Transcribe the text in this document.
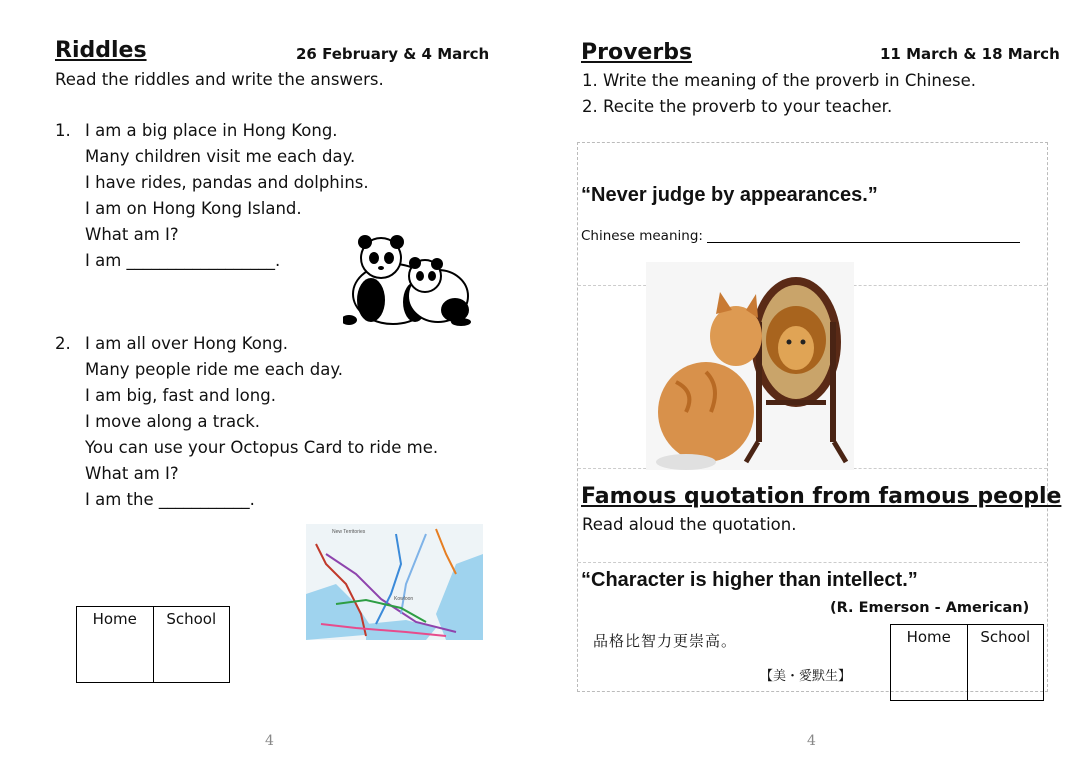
Riddles	26 February & 4 March
Read the riddles and write the answers.
1. I am a big place in Hong Kong.
Many children visit me each day.
I have rides, pandas and dolphins.
I am on Hong Kong Island.
What am I?
I am __________________.
2. I am all over Hong Kong.
Many people ride me each day.
I am big, fast and long.
I move along a track.
You can use your Octopus Card to ride me.
What am I?
I am the ___________.
New Territories
Kowloon
Home	School
4
Proverbs	11 March & 18 March
1. Write the meaning of the proverb in Chinese.
2. Recite the proverb to your teacher.
“Never judge by appearances.”
Chinese meaning:
Famous quotation from famous people
Read aloud the quotation.
“Character is higher than intellect.”
(R. Emerson - American)
品格比智力更崇高。
【美・愛默生】
Home	School
4
